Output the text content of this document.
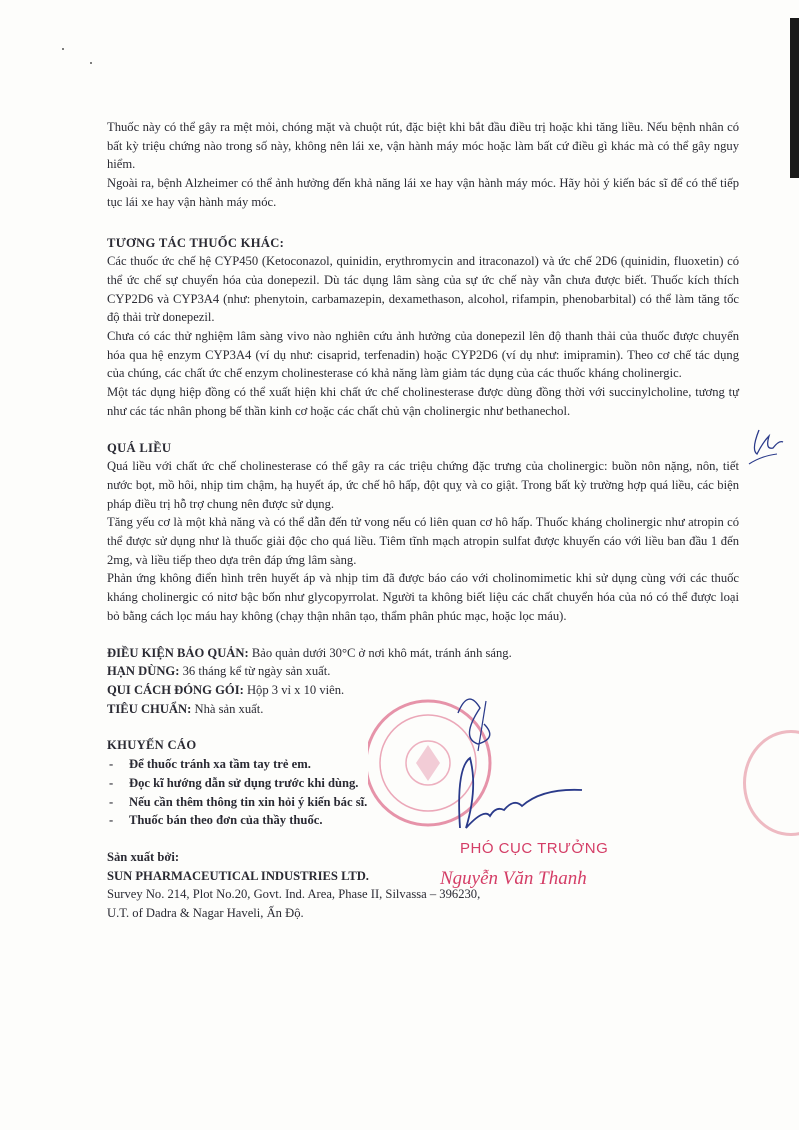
Thuốc này có thể gây ra mệt mỏi, chóng mặt và chuột rút, đặc biệt khi bắt đầu điều trị hoặc khi tăng liều. Nếu bệnh nhân có bất kỳ triệu chứng nào trong số này, không nên lái xe, vận hành máy móc hoặc làm bất cứ điều gì khác mà có thể gây nguy hiểm.

Ngoài ra, bệnh Alzheimer có thể ảnh hưởng đến khả năng lái xe hay vận hành máy móc. Hãy hỏi ý kiến bác sĩ để có thể tiếp tục lái xe hay vận hành máy móc.

TƯƠNG TÁC THUỐC KHÁC:

Các thuốc ức chế hệ CYP450 (Ketoconazol, quinidin, erythromycin and itraconazol) và ức chế 2D6 (quinidin, fluoxetin) có thể ức chế sự chuyển hóa của donepezil. Dù tác dụng lâm sàng của sự ức chế này vẫn chưa được biết. Thuốc kích thích CYP2D6 và CYP3A4 (như: phenytoin, carbamazepin, dexamethason, alcohol, rifampin, phenobarbital) có thể làm tăng tốc độ thải trừ donepezil.

Chưa có các thử nghiệm lâm sàng vivo nào nghiên cứu ảnh hưởng của donepezil lên độ thanh thải của thuốc được chuyển hóa qua hệ enzym CYP3A4 (ví dụ như: cisaprid, terfenadin) hoặc CYP2D6 (ví dụ như: imipramin). Theo cơ chế tác dụng của chúng, các chất ức chế enzym cholinesterase có khả năng làm giảm tác dụng của các thuốc kháng cholinergic.

Một tác dụng hiệp đồng có thể xuất hiện khi chất ức chế cholinesterase được dùng đồng thời với succinylcholine, tương tự như các tác nhân phong bế thần kinh cơ hoặc các chất chủ vận cholinergic như bethanechol.

QUÁ LIỀU

Quá liều với chất ức chế cholinesterase có thể gây ra các triệu chứng đặc trưng của cholinergic: buồn nôn nặng, nôn, tiết nước bọt, mồ hôi, nhịp tim chậm, hạ huyết áp, ức chế hô hấp, đột quỵ và co giật. Trong bất kỳ trường hợp quá liều, các biện pháp điều trị hỗ trợ chung nên được sử dụng.

Tăng yếu cơ là một khả năng và có thể dẫn đến tử vong nếu có liên quan cơ hô hấp. Thuốc kháng cholinergic như atropin có thể được sử dụng như là thuốc giải độc cho quá liều. Tiêm tĩnh mạch atropin sulfat được khuyến cáo với liều ban đầu 1 đến 2mg, và liều tiếp theo dựa trên đáp ứng lâm sàng.

Phản ứng không điển hình trên huyết áp và nhịp tim đã được báo cáo với cholinomimetic khi sử dụng cùng với các thuốc kháng cholinergic có nitơ bậc bốn như glycopyrrolat. Người ta không biết liệu các chất chuyển hóa của nó có thể được loại bỏ bằng cách lọc máu hay không (chạy thận nhân tạo, thẩm phân phúc mạc, hoặc lọc máu).

ĐIỀU KIỆN BẢO QUẢN: Bảo quản dưới 30°C ở nơi khô mát, tránh ánh sáng.

HẠN DÙNG: 36 tháng kể từ ngày sản xuất.

QUI CÁCH ĐÓNG GÓI: Hộp 3 vỉ x 10 viên.

TIÊU CHUẨN: Nhà sản xuất.

KHUYẾN CÁO

- Để thuốc tránh xa tầm tay trẻ em.
- Đọc kĩ hướng dẫn sử dụng trước khi dùng.
- Nếu cần thêm thông tin xin hỏi ý kiến bác sĩ.
- Thuốc bán theo đơn của thầy thuốc.

Sản xuất bởi:

SUN PHARMACEUTICAL INDUSTRIES LTD.

Survey No. 214, Plot No.20, Govt. Ind. Area, Phase II, Silvassa – 396230,

U.T. of Dadra & Nagar Haveli, Ấn Độ.

PHÓ CỤC TRƯỞNG
Nguyễn Văn Thanh
